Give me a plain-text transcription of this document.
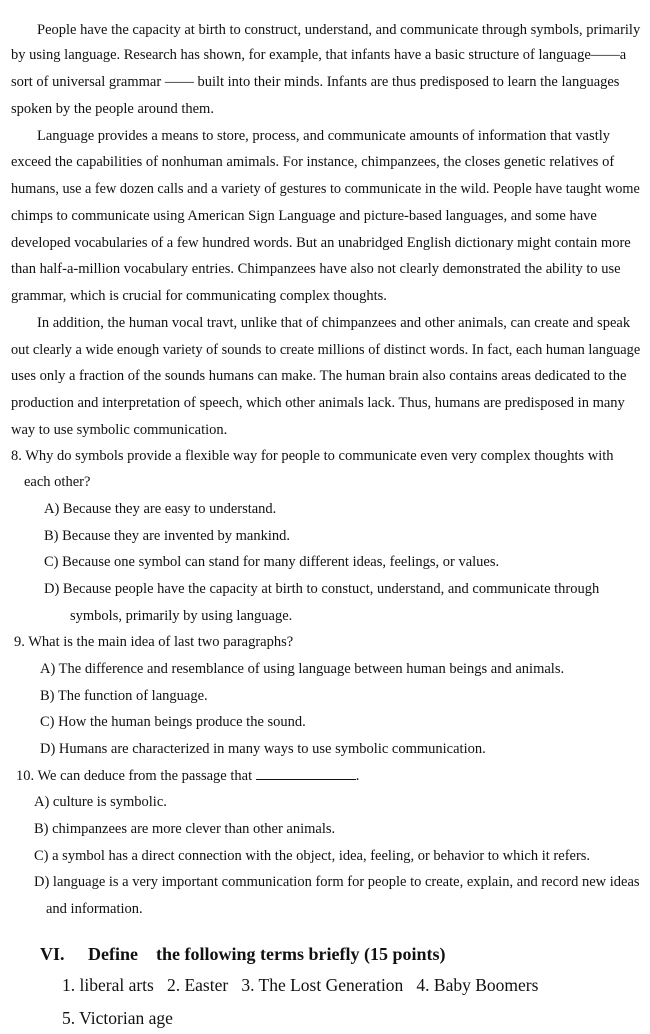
People have the capacity at birth to construct, understand, and communicate through symbols, primarily
by using language. Research has shown, for example, that infants have a basic structure of language——a
sort of universal grammar —— built into their minds. Infants are thus predisposed to learn the languages
spoken by the people around them.
Language provides a means to store, process, and communicate amounts of information that vastly
exceed the capabilities of nonhuman amimals. For instance, chimpanzees, the closes genetic relatives of
humans, use a few dozen calls and a variety of gestures to communicate in the wild. People have taught wome
chimps to communicate using American Sign Language and picture-based languages, and some have
developed vocabularies of a few hundred words. But an unabridged English dictionary might contain more
than half-a-million vocabulary entries. Chimpanzees have also not clearly demonstrated the ability to use
grammar, which is crucial for communicating complex thoughts.
In addition, the human vocal travt, unlike that of chimpanzees and other animals, can create and speak
out clearly a wide enough variety of sounds to create millions of distinct words. In fact, each human language
uses only a fraction of the sounds humans can make. The human brain also contains areas dedicated to the
production and interpretation of speech, which other animals lack. Thus, humans are predisposed in many
way to use symbolic communication.
8. Why do symbols provide a flexible way for people to communicate even very complex thoughts with
each other?
A) Because they are easy to understand.
B) Because they are invented by mankind.
C) Because one symbol can stand for many different ideas, feelings, or values.
D) Because people have the capacity at birth to constuct, understand, and communicate through
symbols, primarily by using language.
9. What is the main idea of last two paragraphs?
A) The difference and resemblance of using language between human beings and animals.
B) The function of language.
C) How the human beings produce the sound.
D) Humans are characterized in many ways to use symbolic communication.
10. We can deduce from the passage that	.
A) culture is symbolic.
B) chimpanzees are more clever than other animals.
C) a symbol has a direct connection with the object, idea, feeling, or behavior to which it refers.
D) language is a very important communication form for people to create, explain, and record new ideas
and information.
VI. Define the following terms briefly (15 points)
1. liberal arts   2. Easter   3. The Lost Generation   4. Baby Boomers
5. Victorian age
